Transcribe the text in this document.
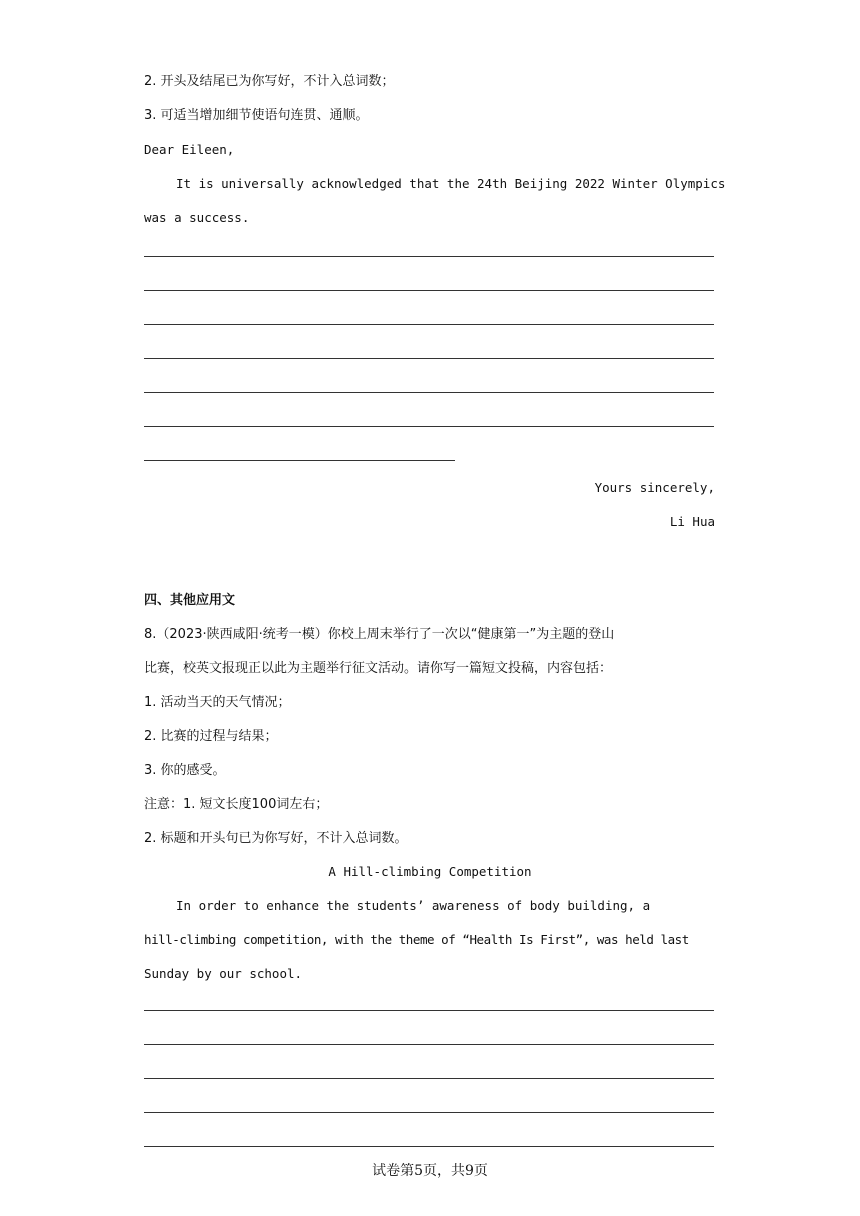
2. 开头及结尾已为你写好，不计入总词数；
3. 可适当增加细节使语句连贯、通顺。
Dear Eileen,
It is universally acknowledged that the 24th Beijing 2022 Winter Olympics
was a success.
Yours sincerely,
Li Hua
四、其他应用文
8.（2023·陕西咸阳·统考一模）你校上周末举行了一次以“健康第一”为主题的登山
比赛，校英文报现正以此为主题举行征文活动。请你写一篇短文投稿，内容包括：
1. 活动当天的天气情况；
2. 比赛的过程与结果；
3. 你的感受。
注意：1. 短文长度100词左右；
2. 标题和开头句已为你写好，不计入总词数。
A Hill-climbing Competition
In order to enhance the students’ awareness of body building, a
hill-climbing competition, with the theme of “Health Is First”, was held last
Sunday by our school.
试卷第5页，共9页
